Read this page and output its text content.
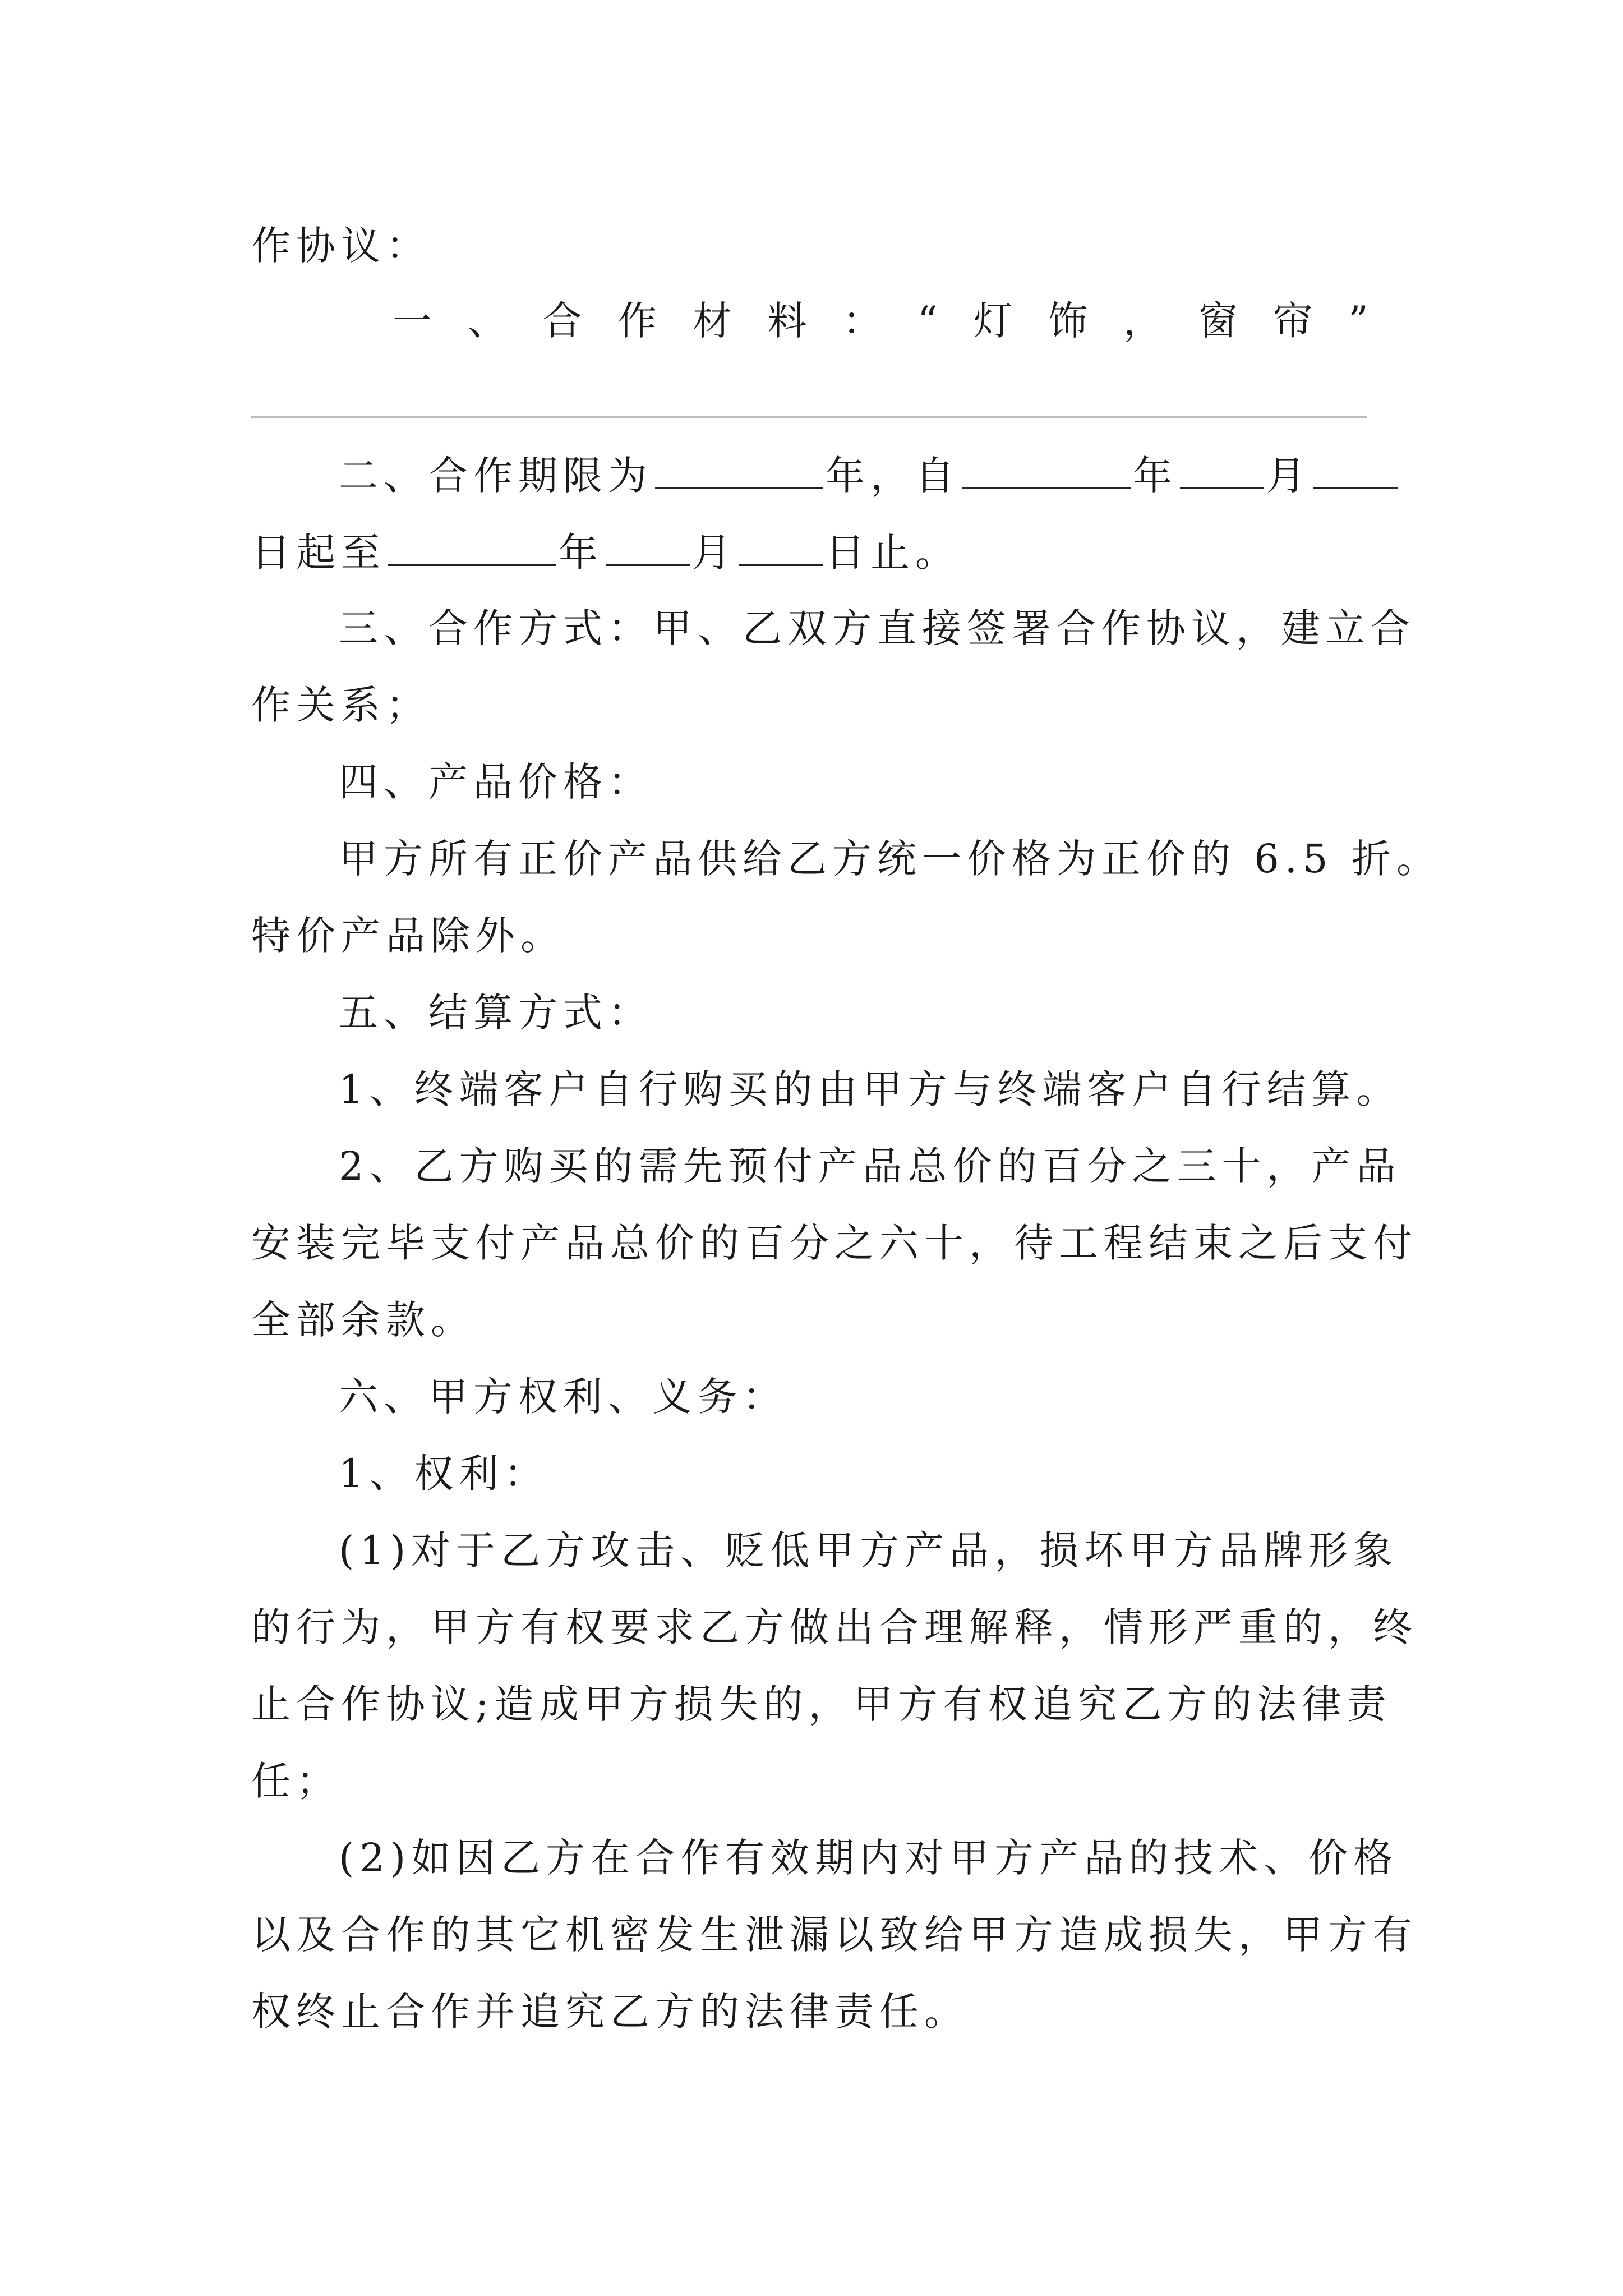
作协议：
一 、 合 作 材 料 ： “ 灯 饰 ， 窗 帘 ”
二、合作期限为	年，自	年 月
日起至	年 月 日止。
三、合作方式：甲、乙双方直接签署合作协议，建立合
作关系；
四、产品价格：
甲方所有正价产品供给乙方统一价格为正价的 6.5 折。
特价产品除外。
五、结算方式：
1、终端客户自行购买的由甲方与终端客户自行结算。
2、乙方购买的需先预付产品总价的百分之三十，产品
安装完毕支付产品总价的百分之六十，待工程结束之后支付
全部余款。
六、甲方权利、义务：
1、权利：
(1)对于乙方攻击、贬低甲方产品，损坏甲方品牌形象
的行为，甲方有权要求乙方做出合理解释，情形严重的，终
止合作协议;造成甲方损失的，甲方有权追究乙方的法律责
任；
(2)如因乙方在合作有效期内对甲方产品的技术、价格
以及合作的其它机密发生泄漏以致给甲方造成损失，甲方有
权终止合作并追究乙方的法律责任。
